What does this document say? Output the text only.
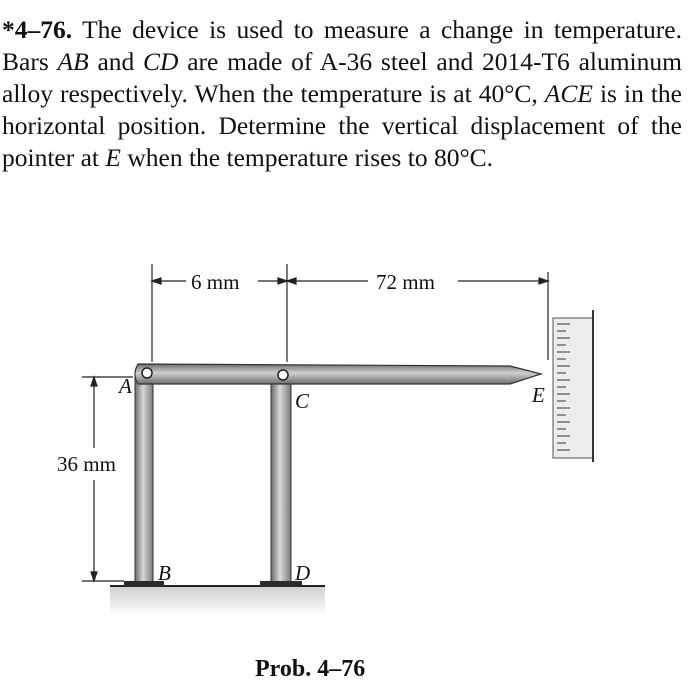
*4–76. The device is used to measure a change in temperature. Bars AB and CD are made of A-36 steel and 2014-T6 aluminum alloy respectively. When the temperature is at 40°C, ACE is in the horizontal position. Determine the vertical displacement of the pointer at E when the temperature rises to 80°C.
6 mm	72 mm
36 mm
A
B
C
D
E
Prob. 4–76
